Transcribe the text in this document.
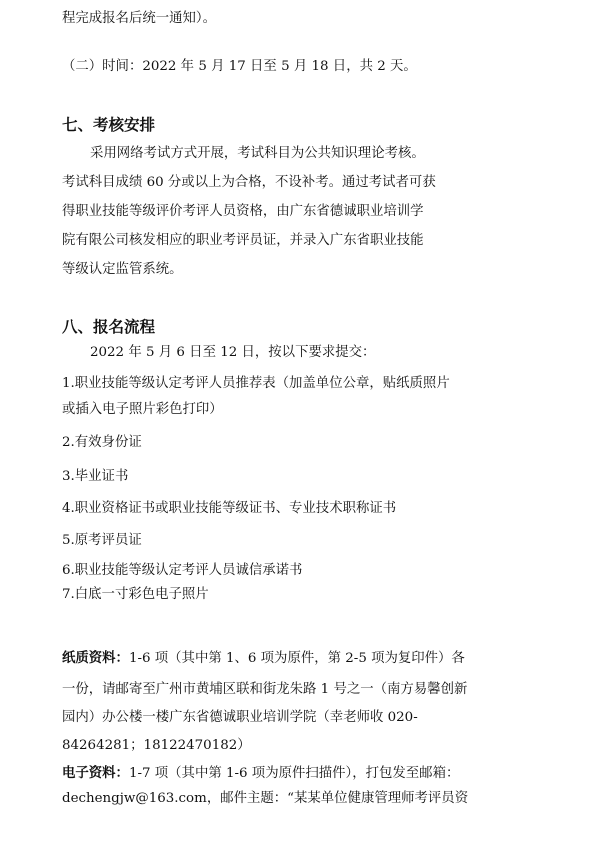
程完成报名后统一通知）。
（二）时间：2022 年 5 月 17 日至 5 月 18 日，共 2 天。
七、考核安排
采用网络考试方式开展，考试科目为公共知识理论考核。
考试科目成绩 60 分或以上为合格，不设补考。通过考试者可获
得职业技能等级评价考评人员资格，由广东省德诚职业培训学
院有限公司核发相应的职业考评员证，并录入广东省职业技能
等级认定监管系统。
八、报名流程
2022 年 5 月 6 日至 12 日，按以下要求提交：
1.职业技能等级认定考评人员推荐表（加盖单位公章，贴纸质照片
或插入电子照片彩色打印）
2.有效身份证
3.毕业证书
4.职业资格证书或职业技能等级证书、专业技术职称证书
5.原考评员证
6.职业技能等级认定考评人员诚信承诺书
7.白底一寸彩色电子照片
纸质资料：1-6 项（其中第 1、6 项为原件，第 2-5 项为复印件）各
一份，请邮寄至广州市黄埔区联和街龙朱路 1 号之一（南方易馨创新
园内）办公楼一楼广东省德诚职业培训学院（幸老师收 020-
84264281；18122470182）
电子资料：1-7 项（其中第 1-6 项为原件扫描件），打包发至邮箱：
dechengjw@163.com，邮件主题：“某某单位健康管理师考评员资
